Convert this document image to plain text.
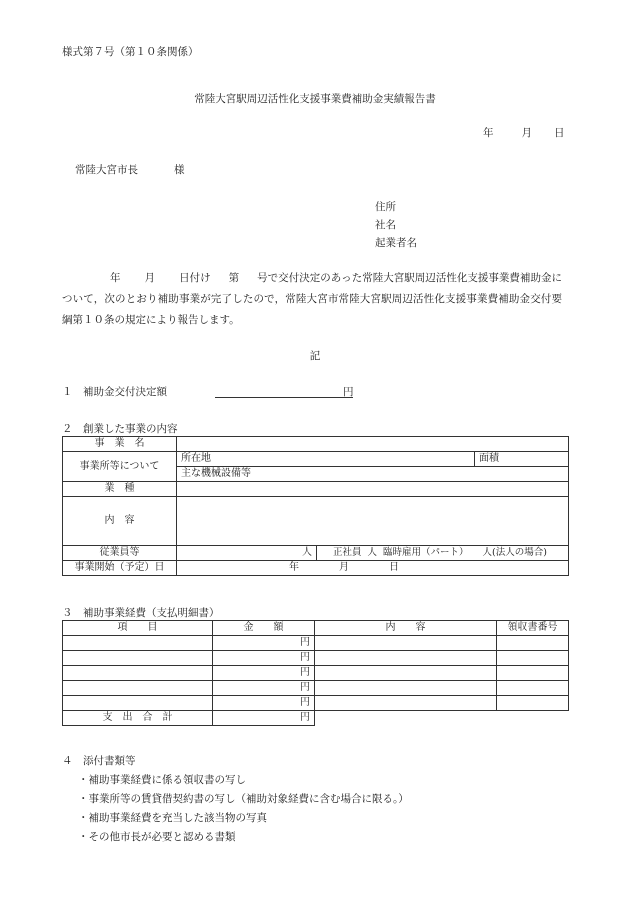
様式第７号（第１０条関係）
常陸大宮駅周辺活性化支援事業費補助金実績報告書
年	月 日
常陸大宮市長	様
住所
社名
起業者名
年 月 日付け 第 号で交付決定のあった常陸大宮駅周辺活性化支援事業費補助金について，次のとおり補助事業が完了したので，常陸大宮市常陸大宮駅周辺活性化支援事業費補助金交付要綱第１０条の規定により報告します。
記
１　補助金交付決定額	円
２　創業した事業の内容
事　業　名			
事業所等について	所在地		面積
	主な機械設備等		
業　種			
内　容			
従業員等	人	正社員 人 臨時雇用（パート） 人(法人の場合)	
事業開始（予定）日	年 月 日		
３　補助事業経費（支払明細書）
項　　目	金　　額	内　　容	領収書番号
	円		
	円		
	円		
	円		
	円		
支　出　合　計	円		
４　添付書類等
・補助事業経費に係る領収書の写し
・事業所等の賃貸借契約書の写し（補助対象経費に含む場合に限る。）
・補助事業経費を充当した該当物の写真
・その他市長が必要と認める書類
